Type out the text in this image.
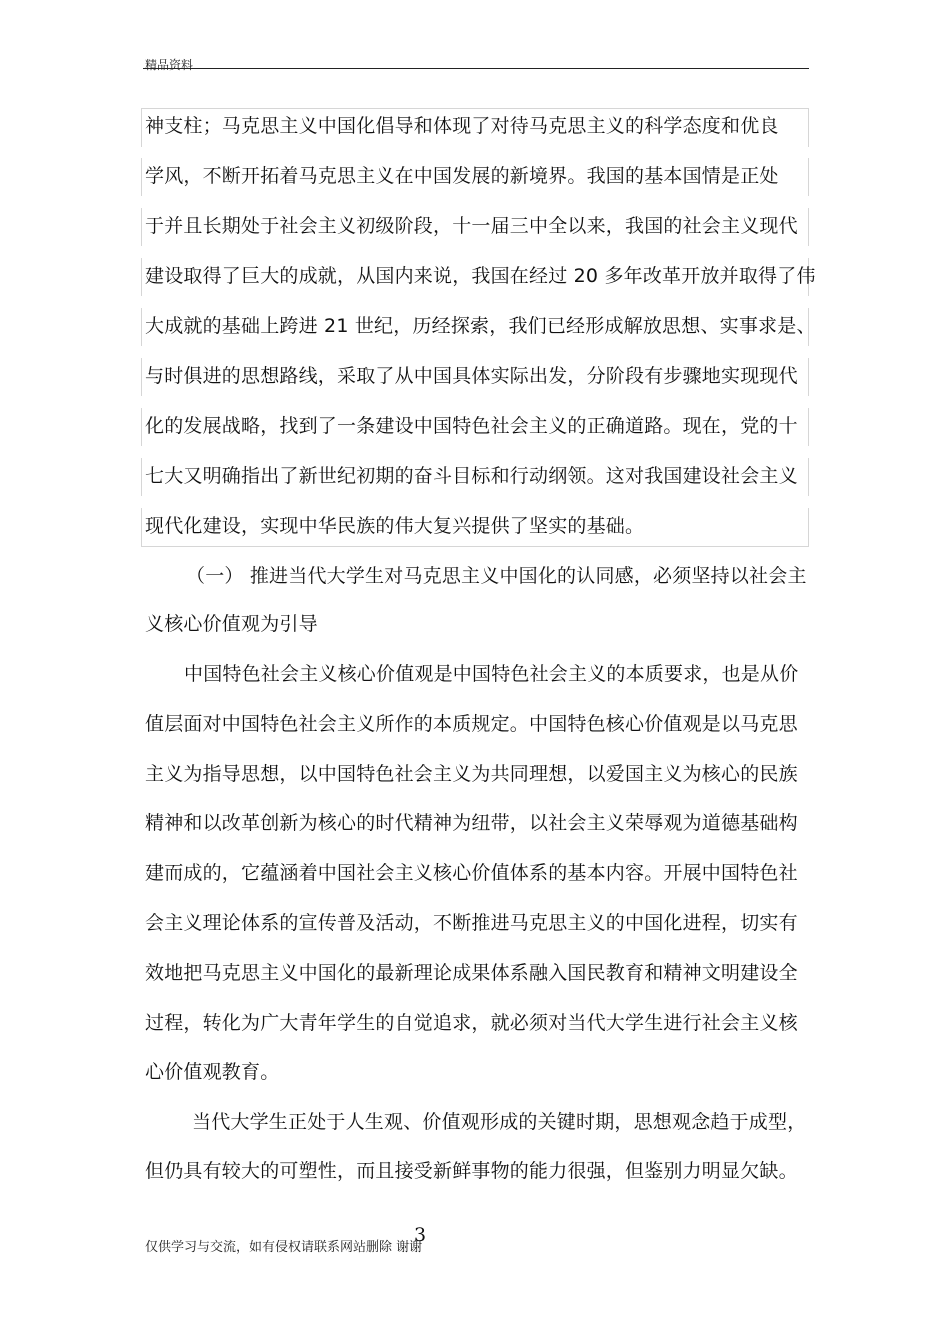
精品资料
神支柱；马克思主义中国化倡导和体现了对待马克思主义的科学态度和优良
学风，不断开拓着马克思主义在中国发展的新境界。我国的基本国情是正处
于并且长期处于社会主义初级阶段，十一届三中全以来，我国的社会主义现代
建设取得了巨大的成就，从国内来说，我国在经过 20 多年改革开放并取得了伟
大成就的基础上跨进 21 世纪，历经探索，我们已经形成解放思想、实事求是、
与时俱进的思想路线，采取了从中国具体实际出发，分阶段有步骤地实现现代
化的发展战略，找到了一条建设中国特色社会主义的正确道路。现在，党的十
七大又明确指出了新世纪初期的奋斗目标和行动纲领。这对我国建设社会主义
现代化建设，实现中华民族的伟大复兴提供了坚实的基础。
（一） 推进当代大学生对马克思主义中国化的认同感，必须坚持以社会主
义核心价值观为引导
中国特色社会主义核心价值观是中国特色社会主义的本质要求，也是从价
值层面对中国特色社会主义所作的本质规定。中国特色核心价值观是以马克思
主义为指导思想，以中国特色社会主义为共同理想，以爱国主义为核心的民族
精神和以改革创新为核心的时代精神为纽带，以社会主义荣辱观为道德基础构
建而成的，它蕴涵着中国社会主义核心价值体系的基本内容。开展中国特色社
会主义理论体系的宣传普及活动，不断推进马克思主义的中国化进程，切实有
效地把马克思主义中国化的最新理论成果体系融入国民教育和精神文明建设全
过程，转化为广大青年学生的自觉追求，就必须对当代大学生进行社会主义核
心价值观教育。
当代大学生正处于人生观、价值观形成的关键时期，思想观念趋于成型，
但仍具有较大的可塑性，而且接受新鲜事物的能力很强，但鉴别力明显欠缺。
仅供学习与交流，如有侵权请联系网站删除 谢谢
3
